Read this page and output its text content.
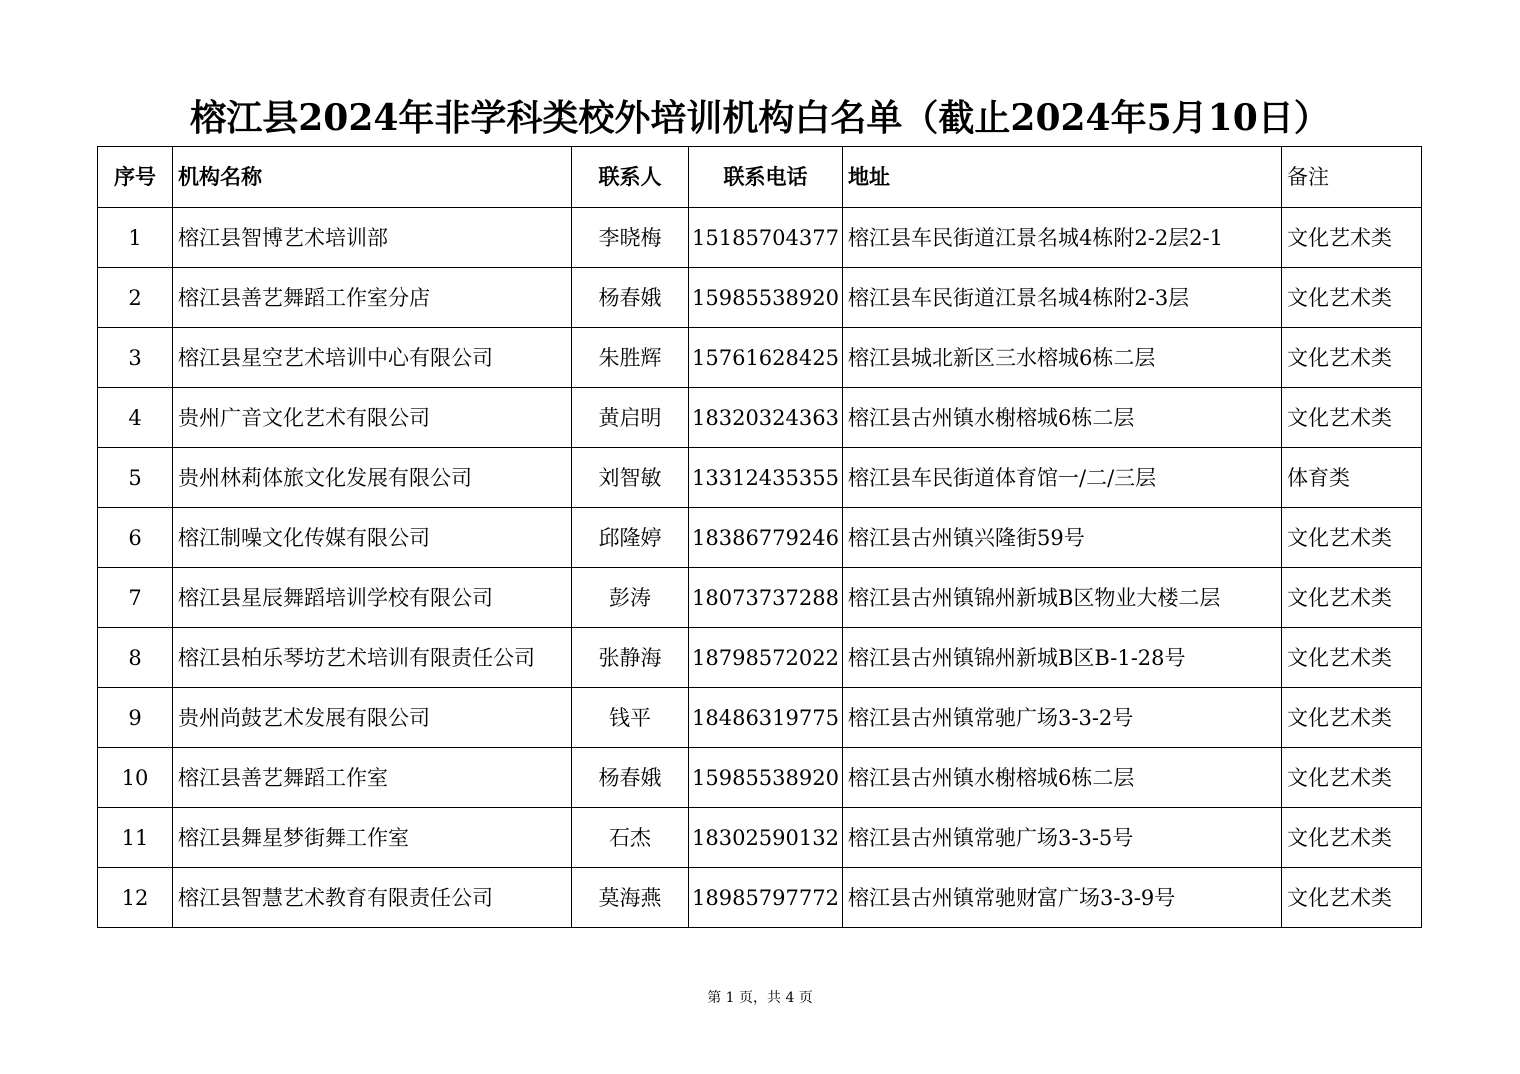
榕江县2024年非学科类校外培训机构白名单（截止2024年5月10日）
序号	机构名称	联系人	联系电话	地址	备注
1	榕江县智博艺术培训部	李晓梅	15185704377	榕江县车民街道江景名城4栋附2-2层2-1	文化艺术类
2	榕江县善艺舞蹈工作室分店	杨春娥	15985538920	榕江县车民街道江景名城4栋附2-3层	文化艺术类
3	榕江县星空艺术培训中心有限公司	朱胜辉	15761628425	榕江县城北新区三水榕城6栋二层	文化艺术类
4	贵州广音文化艺术有限公司	黄启明	18320324363	榕江县古州镇水榭榕城6栋二层	文化艺术类
5	贵州林莉体旅文化发展有限公司	刘智敏	13312435355	榕江县车民街道体育馆一/二/三层	体育类
6	榕江制噪文化传媒有限公司	邱隆婷	18386779246	榕江县古州镇兴隆街59号	文化艺术类
7	榕江县星辰舞蹈培训学校有限公司	彭涛	18073737288	榕江县古州镇锦州新城B区物业大楼二层	文化艺术类
8	榕江县柏乐琴坊艺术培训有限责任公司	张静海	18798572022	榕江县古州镇锦州新城B区B-1-28号	文化艺术类
9	贵州尚鼓艺术发展有限公司	钱平	18486319775	榕江县古州镇常驰广场3-3-2号	文化艺术类
10	榕江县善艺舞蹈工作室	杨春娥	15985538920	榕江县古州镇水榭榕城6栋二层	文化艺术类
11	榕江县舞星梦街舞工作室	石杰	18302590132	榕江县古州镇常驰广场3-3-5号	文化艺术类
12	榕江县智慧艺术教育有限责任公司	莫海燕	18985797772	榕江县古州镇常驰财富广场3-3-9号	文化艺术类
第 1 页，共 4 页
